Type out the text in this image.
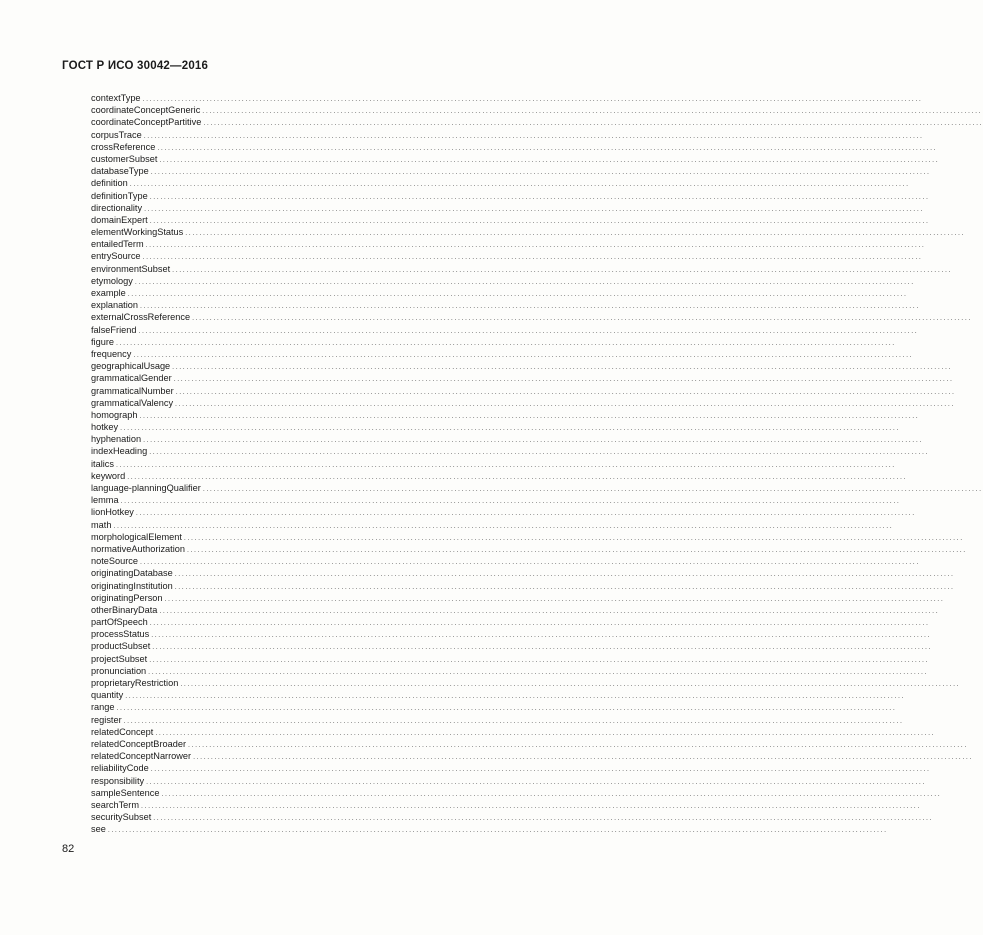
ГОСТ Р ИСО 30042—2016
contextType ............................................................................................................................................................................................................................
coordinateConceptGeneric ............................................................................................................................................................................................................................
coordinateConceptPartitive ............................................................................................................................................................................................................................
corpusTrace ............................................................................................................................................................................................................................
crossReference ............................................................................................................................................................................................................................
customerSubset ............................................................................................................................................................................................................................
databaseType ............................................................................................................................................................................................................................
definition ............................................................................................................................................................................................................................
definitionType ............................................................................................................................................................................................................................
directionality ............................................................................................................................................................................................................................
domainExpert ............................................................................................................................................................................................................................
elementWorkingStatus ............................................................................................................................................................................................................................
entailedTerm ............................................................................................................................................................................................................................
entrySource ............................................................................................................................................................................................................................
environmentSubset ............................................................................................................................................................................................................................
etymology ............................................................................................................................................................................................................................
example ............................................................................................................................................................................................................................
explanation ............................................................................................................................................................................................................................
externalCrossReference ............................................................................................................................................................................................................................
falseFriend ............................................................................................................................................................................................................................
figure ............................................................................................................................................................................................................................
frequency ............................................................................................................................................................................................................................
geographicalUsage ............................................................................................................................................................................................................................
grammaticalGender ............................................................................................................................................................................................................................
grammaticalNumber ............................................................................................................................................................................................................................
grammaticalValency ............................................................................................................................................................................................................................
homograph ............................................................................................................................................................................................................................
hotkey ............................................................................................................................................................................................................................
hyphenation ............................................................................................................................................................................................................................
indexHeading ............................................................................................................................................................................................................................
italics ............................................................................................................................................................................................................................
keyword ............................................................................................................................................................................................................................
language-planningQualifier ............................................................................................................................................................................................................................
lemma ............................................................................................................................................................................................................................
lionHotkey ............................................................................................................................................................................................................................
math ............................................................................................................................................................................................................................
morphologicalElement ............................................................................................................................................................................................................................
normativeAuthorization ............................................................................................................................................................................................................................
noteSource ............................................................................................................................................................................................................................
originatingDatabase ............................................................................................................................................................................................................................
originatingInstitution ............................................................................................................................................................................................................................
originatingPerson ............................................................................................................................................................................................................................
otherBinaryData ............................................................................................................................................................................................................................
partOfSpeech ............................................................................................................................................................................................................................
processStatus ............................................................................................................................................................................................................................
productSubset ............................................................................................................................................................................................................................
projectSubset ............................................................................................................................................................................................................................
pronunciation ............................................................................................................................................................................................................................
proprietaryRestriction ............................................................................................................................................................................................................................
quantity ............................................................................................................................................................................................................................
range ............................................................................................................................................................................................................................
register ............................................................................................................................................................................................................................
relatedConcept ............................................................................................................................................................................................................................
relatedConceptBroader ............................................................................................................................................................................................................................
relatedConceptNarrower ............................................................................................................................................................................................................................
reliabilityCode ............................................................................................................................................................................................................................
responsibility ............................................................................................................................................................................................................................
sampleSentence ............................................................................................................................................................................................................................
searchTerm ............................................................................................................................................................................................................................
securitySubset ............................................................................................................................................................................................................................
see ............................................................................................................................................................................................................................
82
